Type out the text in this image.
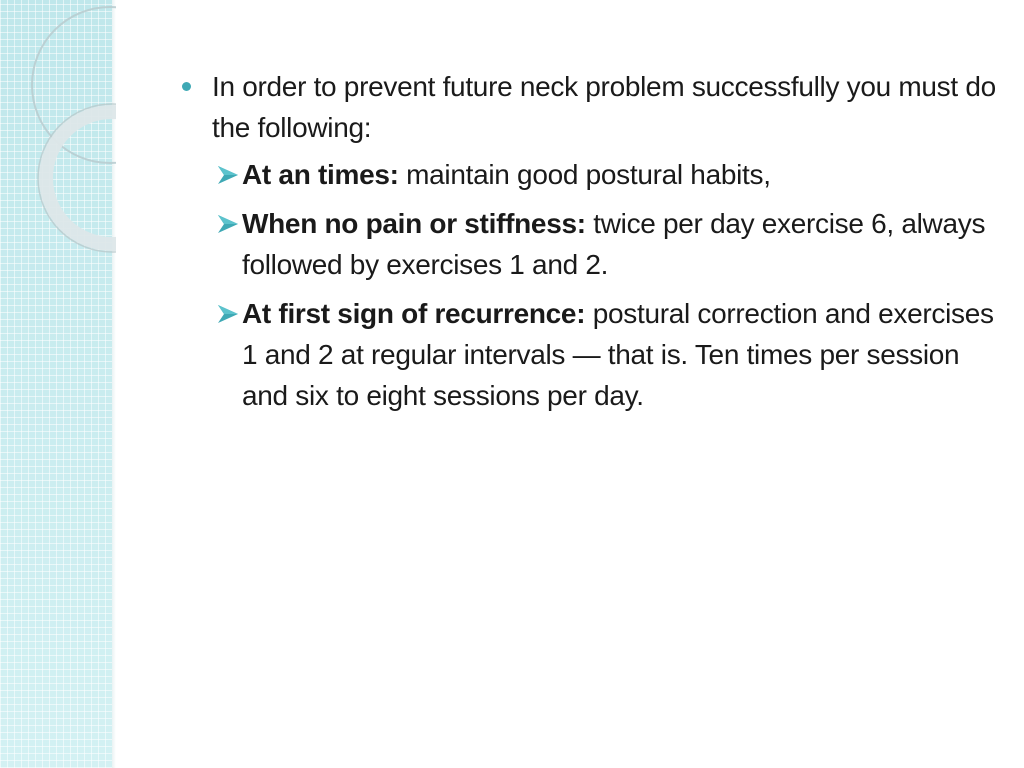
In order to prevent future neck problem successfully you must do the following:
At an times: maintain good postural habits,
When no pain or stiffness: twice per day exercise 6, always followed by exercises 1 and 2.
At first sign of recurrence: postural correction and exercises 1 and 2 at regular intervals — that is. Ten times per session and six to eight sessions per day.
